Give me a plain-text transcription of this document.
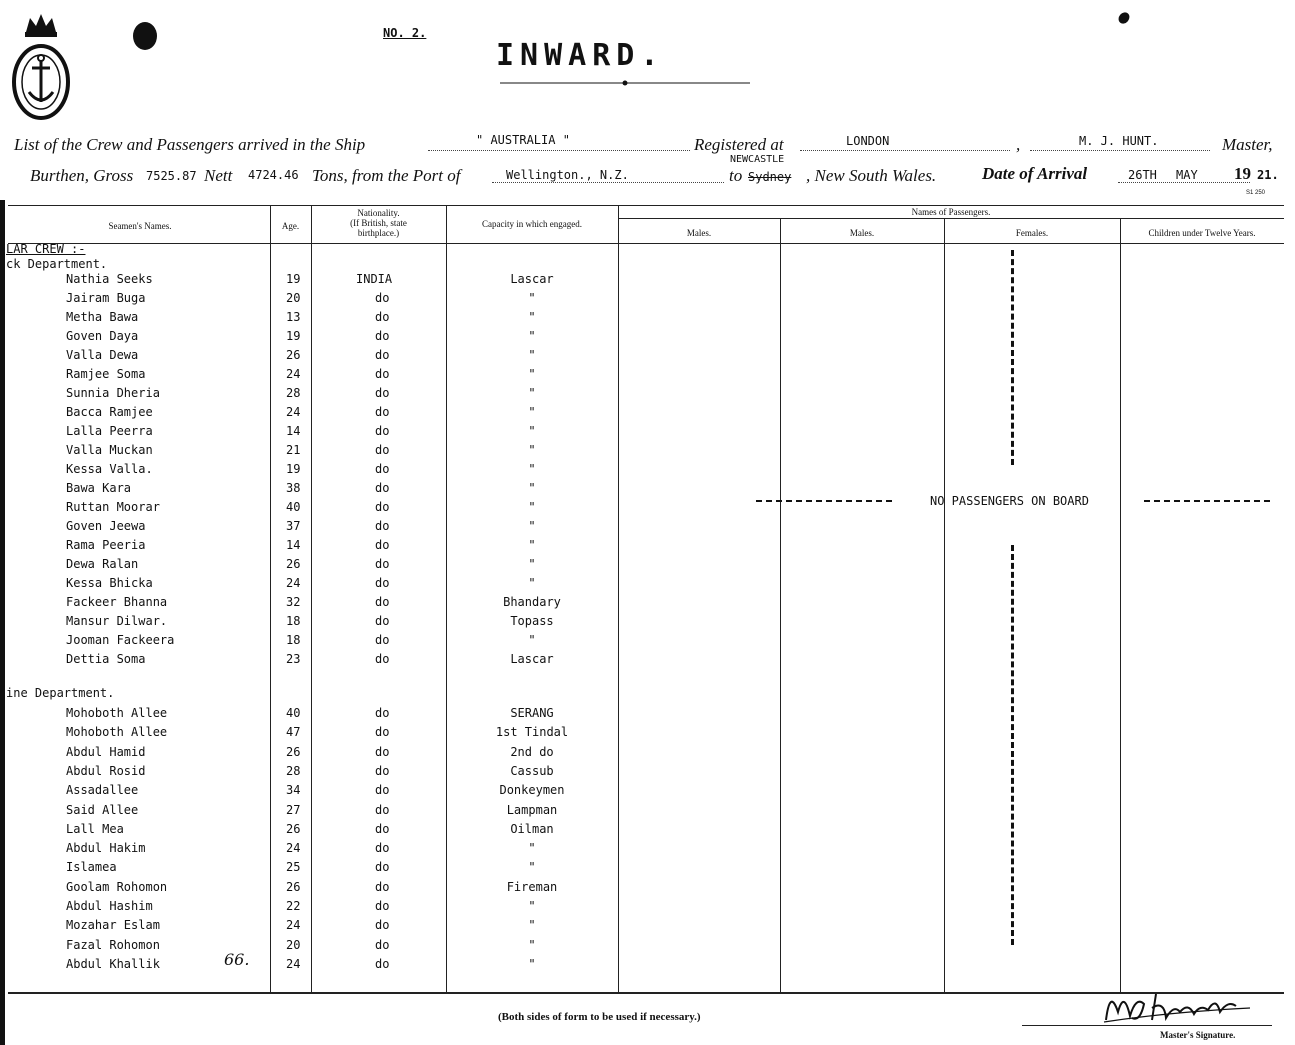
NO. 2.
INWARD.
List of the Crew and Passengers arrived in the Ship	" AUSTRALIA "	Registered at	LONDON	,	M. J. HUNT.	Master,
Burthen, Gross 7525.87 Nett 4724.46 Tons, from the Port of	Wellington., N.Z.	to Sydney
NEWCASTLE
, New South Wales.	Date of Arrival	26TH MAY 19 21.
S1 250
Seamen's Names.	Age.
Nationality.
(If British, state
birthplace.)
Capacity in which engaged.
Names of Passengers.
Males.	Males.	Females.	Children under Twelve Years.
LAR CREW :-
ck Department.
ine Department.
Nathia Seeks	19	INDIA	Lascar
Jairam Buga	20	do	"
Metha Bawa	13	do	"
Goven Daya	19	do	"
Valla Dewa	26	do	"
Ramjee Soma	24	do	"
Sunnia Dheria	28	do	"
Bacca Ramjee	24	do	"
Lalla Peerra	14	do	"
Valla Muckan	21	do	"
Kessa Valla.	19	do	"
Bawa Kara	38	do	"
Ruttan Moorar	40	do	"
Goven Jeewa	37	do	"
Rama Peeria	14	do	"
Dewa Ralan	26	do	"
Kessa Bhicka	24	do	"
Fackeer Bhanna	32	do	Bhandary
Mansur Dilwar.	18	do	Topass
Jooman Fackeera	18	do	"
Dettia Soma	23	do	Lascar
Mohoboth Allee	40	do	SERANG
Mohoboth Allee	47	do	1st Tindal
Abdul Hamid	26	do	2nd do
Abdul Rosid	28	do	Cassub
Assadallee	34	do	Donkeymen
Said Allee	27	do	Lampman
Lall Mea	26	do	Oilman
Abdul Hakim	24	do	"
Islamea	25	do	"
Goolam Rohomon	26	do	Fireman
Abdul Hashim	22	do	"
Mozahar Eslam	24	do	"
Fazal Rohomon	20	do	"
Abdul Khallik	24	do	"
NO PASSENGERS ON BOARD
66.
(Both sides of form to be used if necessary.)
Master's Signature.
